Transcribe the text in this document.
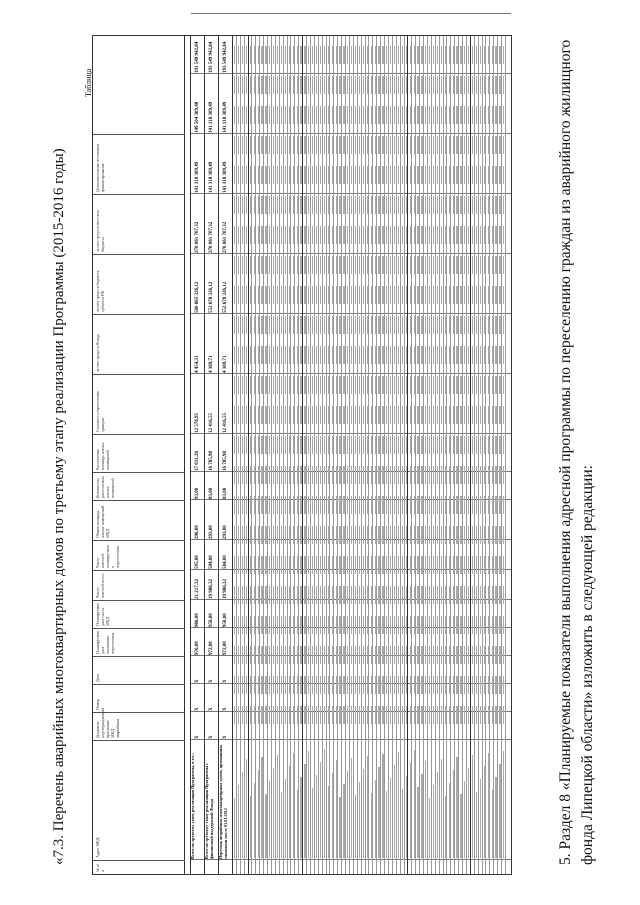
«7.3. Перечень аварийных многоквартирных домов по третьему этапу реализации Программы (2015-2016 годы)
Таблица
№ п/п
Адрес МКД
Документ, подтверждающий признание МКД аварийным
Номер
Дата
Планируемая дата окончания переселения
Планируемая дата сноса МКД
Число жителей всего
Число жителей планируемых к переселению
Общая площадь жилых помещений МКД
Количество расселяемых жилых помещений
Расселяемая площадь жилых помещений
Стоимость переселения граждан
за счет средств Фонда
за счет средств бюджета субъекта РФ
за счет средств местного бюджета
Дополнительные источники финансирования
Всего по третьему этапу реализации Программы, в т.ч.:
X
X
X
976,00
966,00
21 217,32
595,00
296,00
93,00
17 031,26
12 576,95
4 454,31
560 865 326,12
270 061 707,32
141 318 309,49
149 504 309,48
193 549 942,84
Всего по третьему этапу реализации Программы с финансовой поддержкой Фонда
X
X
X
972,00
958,00
19 986,32
584,00
293,00
83,00
16 785,98
12 416,55
4 369,71
552 678 326,12
270 061 707,32
141 318 309,49
141 318 309,49
193 549 942,84
Перечень аварийных многоквартирных домов, признанных таковыми после 01.01.2012
X
X
X
972,00
958,00
19 986,32
584,00
293,00
83,00
16 785,98
12 416,55
4 369,71
552 678 326,12
270 061 707,32
141 318 309,49
141 318 309,49
193 549 942,84	5. Раздел 8 «Планируемые показатели выполнения адресной программы по переселению граждан из аварийного жилищного фонда Липецкой области» изложить в следующей редакции:
